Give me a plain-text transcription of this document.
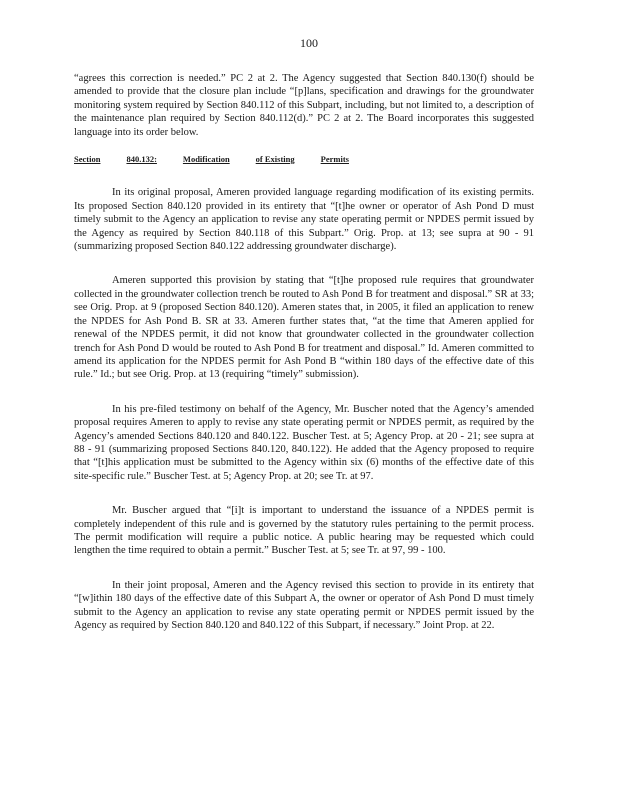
100

“agrees this correction is needed.” PC 2 at 2. The Agency suggested that Section 840.130(f) should be amended to provide that the closure plan include “[p]lans, specification and drawings for the groundwater monitoring system required by Section 840.112 of this Subpart, including, but not limited to, a description of the maintenance plan required by Section 840.112(d).” PC 2 at 2. The Board incorporates this suggested language into its order below.

Section	840.132:	Modification	of Existing	Permits

In its original proposal, Ameren provided language regarding modification of its existing permits. Its proposed Section 840.120 provided in its entirety that “[t]he owner or operator of Ash Pond D must timely submit to the Agency an application to revise any state operating permit or NPDES permit issued by the Agency as required by Section 840.118 of this Subpart.” Orig. Prop. at 13; see supra at 90 - 91 (summarizing proposed Section 840.122 addressing groundwater discharge).

Ameren supported this provision by stating that “[t]he proposed rule requires that groundwater collected in the groundwater collection trench be routed to Ash Pond B for treatment and disposal.” SR at 33; see Orig. Prop. at 9 (proposed Section 840.120). Ameren states that, in 2005, it filed an application to renew the NPDES for Ash Pond B. SR at 33. Ameren further states that, “at the time that Ameren applied for renewal of the NPDES permit, it did not know that groundwater collected in the groundwater collection trench for Ash Pond D would be routed to Ash Pond B for treatment and disposal.” Id. Ameren committed to amend its application for the NPDES permit for Ash Pond B “within 180 days of the effective date of this rule.” Id.; but see Orig. Prop. at 13 (requiring “timely” submission).

In his pre-filed testimony on behalf of the Agency, Mr. Buscher noted that the Agency’s amended proposal requires Ameren to apply to revise any state operating permit or NPDES permit, as required by the Agency’s amended Sections 840.120 and 840.122. Buscher Test. at 5; Agency Prop. at 20 - 21; see supra at 88 - 91 (summarizing proposed Sections 840.120, 840.122). He added that the Agency proposed to require that “[t]his application must be submitted to the Agency within six (6) months of the effective date of this site-specific rule.” Buscher Test. at 5; Agency Prop. at 20; see Tr. at 97.

Mr. Buscher argued that “[i]t is important to understand the issuance of a NPDES permit is completely independent of this rule and is governed by the statutory rules pertaining to the permit process. The permit modification will require a public notice. A public hearing may be requested which could lengthen the time required to obtain a permit.” Buscher Test. at 5; see Tr. at 97, 99 - 100.

In their joint proposal, Ameren and the Agency revised this section to provide in its entirety that “[w]ithin 180 days of the effective date of this Subpart A, the owner or operator of Ash Pond D must timely submit to the Agency an application to revise any state operating permit or NPDES permit issued by the Agency as required by Section 840.120 and 840.122 of this Subpart, if necessary.” Joint Prop. at 22.
